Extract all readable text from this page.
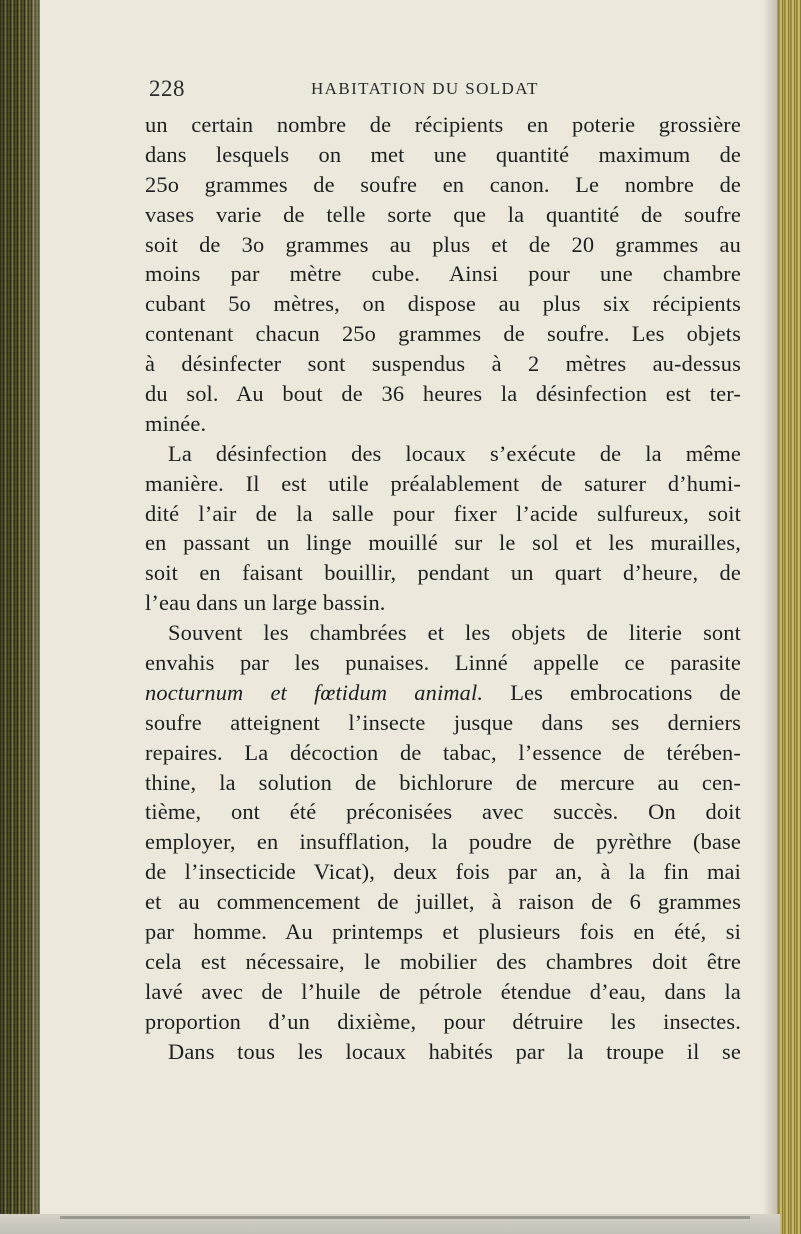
228	HABITATION DU SOLDAT
un certain nombre de récipients en poterie grossière
dans lesquels on met une quantité maximum de
25o grammes de soufre en canon. Le nombre de
vases varie de telle sorte que la quantité de soufre
soit de 3o grammes au plus et de 20 grammes au
moins par mètre cube. Ainsi pour une chambre
cubant 5o mètres, on dispose au plus six récipients
contenant chacun 25o grammes de soufre. Les objets
à désinfecter sont suspendus à 2 mètres au-dessus
du sol. Au bout de 36 heures la désinfection est ter-
minée.
La désinfection des locaux s’exécute de la même
manière. Il est utile préalablement de saturer d’humi-
dité l’air de la salle pour fixer l’acide sulfureux, soit
en passant un linge mouillé sur le sol et les murailles,
soit en faisant bouillir, pendant un quart d’heure, de
l’eau dans un large bassin.
Souvent les chambrées et les objets de literie sont
envahis par les punaises. Linné appelle ce parasite
nocturnum et fœtidum animal. Les embrocations de
soufre atteignent l’insecte jusque dans ses derniers
repaires. La décoction de tabac, l’essence de térében-
thine, la solution de bichlorure de mercure au cen-
tième, ont été préconisées avec succès. On doit
employer, en insufflation, la poudre de pyrèthre (base
de l’insecticide Vicat), deux fois par an, à la fin mai
et au commencement de juillet, à raison de 6 grammes
par homme. Au printemps et plusieurs fois en été, si
cela est nécessaire, le mobilier des chambres doit être
lavé avec de l’huile de pétrole étendue d’eau, dans la
proportion d’un dixième, pour détruire les insectes.
Dans tous les locaux habités par la troupe il se
